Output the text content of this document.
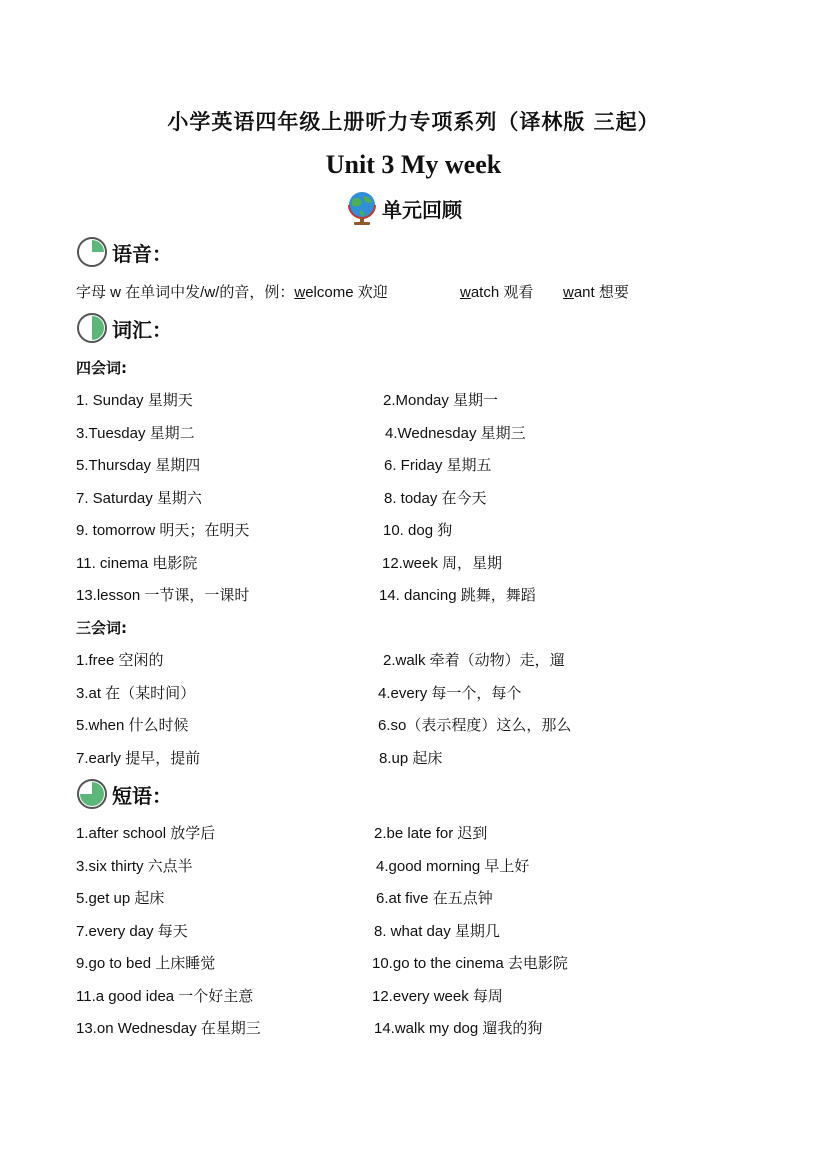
小学英语四年级上册听力专项系列（译林版 三起）
Unit 3 My week
单元回顾
语音：
字母 w 在单词中发/w/的音，例：welcome 欢迎	watch 观看 want 想要
词汇：
四会词:
1. Sunday 星期天	2.Monday 星期一
3.Tuesday 星期二	4.Wednesday 星期三
5.Thursday 星期四	6. Friday 星期五
7. Saturday 星期六	8. today 在今天
9. tomorrow 明天；在明天	10. dog 狗
11. cinema 电影院	12.week 周，星期
13.lesson 一节课，一课时	14. dancing 跳舞，舞蹈
三会词:
1.free 空闲的	2.walk 牵着（动物）走，遛
3.at 在（某时间）	4.every 每一个，每个
5.when 什么时候	6.so（表示程度）这么，那么
7.early 提早，提前	8.up 起床
短语：
1.after school 放学后	2.be late for 迟到
3.six thirty 六点半	4.good morning 早上好
5.get up 起床	6.at five 在五点钟
7.every day 每天	8. what day 星期几
9.go to bed 上床睡觉	10.go to the cinema 去电影院
11.a good idea 一个好主意	12.every week 每周
13.on Wednesday 在星期三	14.walk my dog 遛我的狗
